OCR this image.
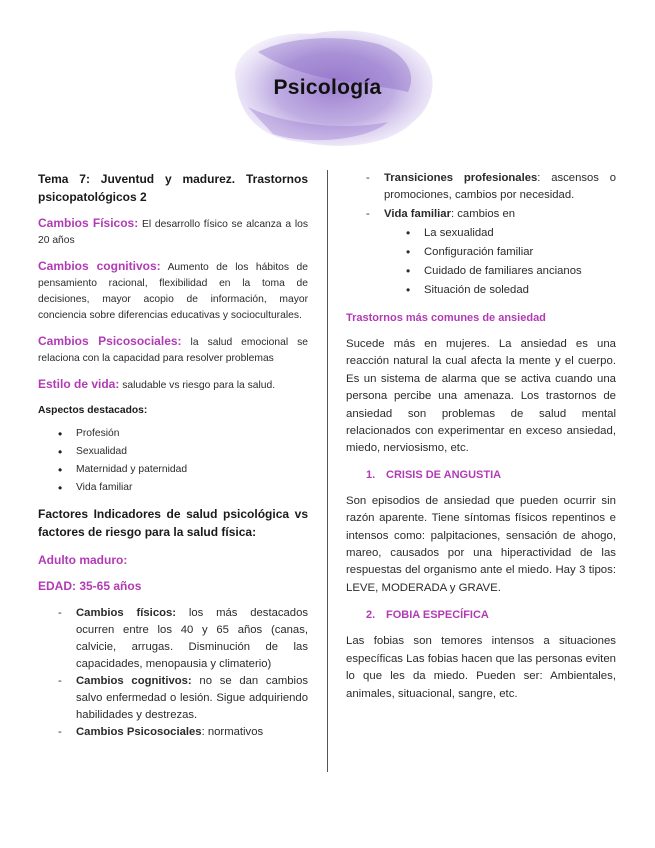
Psicología

Tema 7: Juventud y madurez. Trastornos psicopatológicos 2

Cambios Físicos: El desarrollo físico se alcanza a los 20 años

Cambios cognitivos: Aumento de los hábitos de pensamiento racional, flexibilidad en la toma de decisiones, mayor acopio de información, mayor conciencia sobre diferencias educativas y socioculturales.

Cambios Psicosociales: la salud emocional se relaciona con la capacidad para resolver problemas

Estilo de vida: saludable vs riesgo para la salud.

Aspectos destacados:

• Profesión
• Sexualidad
• Maternidad y paternidad
• Vida familiar

Factores Indicadores de salud psicológica vs factores de riesgo para la salud física:

Adulto maduro:

EDAD: 35-65 años

- Cambios físicos: los más destacados ocurren entre los 40 y 65 años (canas, calvicie, arrugas. Disminución de las capacidades, menopausia y climaterio)
- Cambios cognitivos: no se dan cambios salvo enfermedad o lesión. Sigue adquiriendo habilidades y destrezas.
- Cambios Psicosociales: normativos
- Transiciones profesionales: ascensos o promociones, cambios por necesidad.
- Vida familiar: cambios en
• La sexualidad
• Configuración familiar
• Cuidado de familiares ancianos
• Situación de soledad

Trastornos más comunes de ansiedad

Sucede más en mujeres. La ansiedad es una reacción natural la cual afecta la mente y el cuerpo. Es un sistema de alarma que se activa cuando una persona percibe una amenaza. Los trastornos de ansiedad son problemas de salud mental relacionados con experimentar en exceso ansiedad, miedo, nerviosismo, etc.

1. CRISIS DE ANGUSTIA

Son episodios de ansiedad que pueden ocurrir sin razón aparente. Tiene síntomas físicos repentinos e intensos como: palpitaciones, sensación de ahogo, mareo, causados por una hiperactividad de las respuestas del organismo ante el miedo. Hay 3 tipos: LEVE, MODERADA y GRAVE.

2. FOBIA ESPECÍFICA

Las fobias son temores intensos a situaciones específicas Las fobias hacen que las personas eviten lo que les da miedo. Pueden ser: Ambientales, animales, situacional, sangre, etc.
